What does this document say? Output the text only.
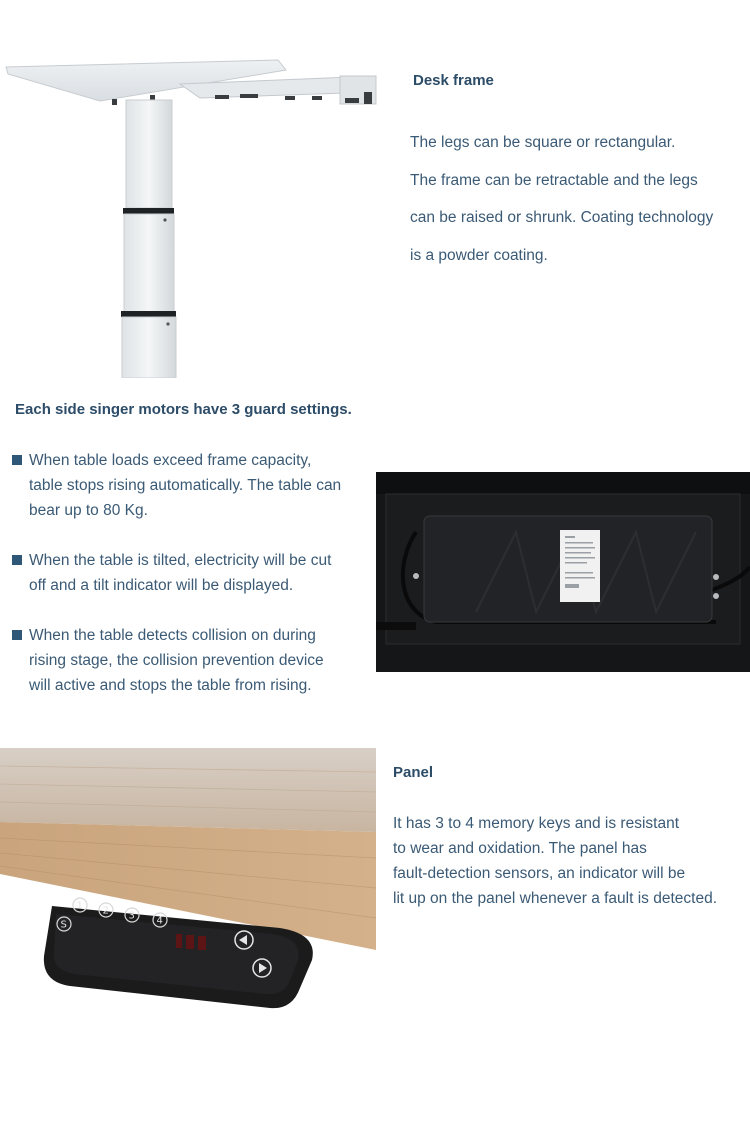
Desk frame
The legs can be square or rectangular.
The frame can be retractable and the legs
can be raised or shrunk. Coating technology
is a powder coating.
Each side singer motors have 3 guard settings.
When table loads exceed frame capacity,
table stops rising automatically. The table can
bear up to 80 Kg.
When the table is tilted, electricity will be cut
off and a tilt indicator will be displayed.
When the table detects collision on during
rising stage, the collision prevention device
will active and stops the table from rising.
1 2 3 4
S
Panel
It has 3 to 4 memory keys and is resistant
to wear and oxidation. The panel has
fault-detection sensors, an indicator will be
lit up on the panel whenever a fault is detected.
